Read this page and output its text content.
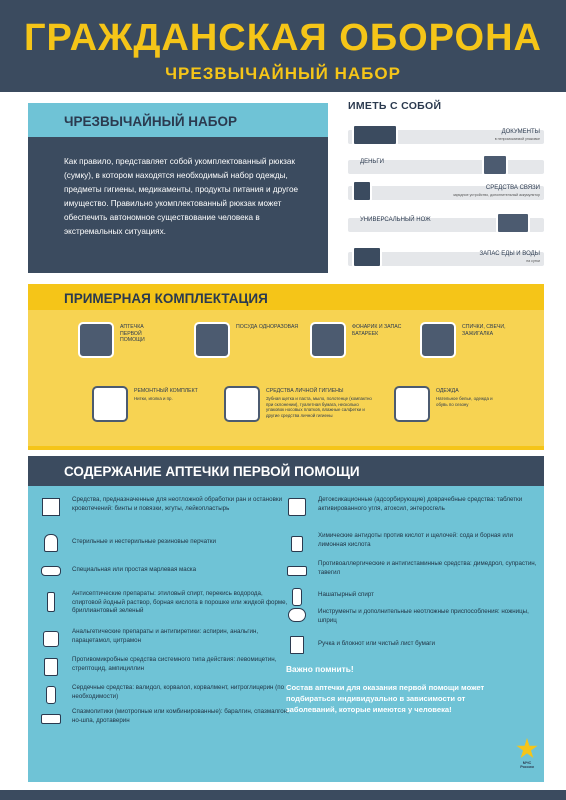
ГРАЖДАНСКАЯ ОБОРОНА
ЧРЕЗВЫЧАЙНЫЙ НАБОР
ЧРЕЗВЫЧАЙНЫЙ НАБОР

Как правило, представляет собой укомплектованный рюкзак (сумку), в котором находятся необходимый набор одежды, предметы гигиены, медикаменты, продукты питания и другое имущество. Правильно укомплектованный рюкзак может обеспечить автономное существование человека в экстремальных ситуациях.

ИМЕТЬ С СОБОЙ
ДОКУМЕНТЫ
в непромокаемой упаковке
ДЕНЬГИ
СРЕДСТВА СВЯЗИ
зарядное устройство, дополнительный аккумулятор
УНИВЕРСАЛЬНЫЙ НОЖ
ЗАПАС ЕДЫ И ВОДЫ
на сутки
ПРИМЕРНАЯ КОМПЛЕКТАЦИЯ
АПТЕЧКА ПЕРВОЙ ПОМОЩИ
ПОСУДА ОДНОРАЗОВАЯ	ФОНАРИК И ЗАПАС БАТАРЕЕК
СПИЧКИ, СВЕЧИ, ЗАЖИГАЛКА
РЕМОНТНЫЙ КОМПЛЕКТ
Нитки, иголка и пр.
СРЕДСТВА ЛИЧНОЙ ГИГИЕНЫ
Зубная щетка и паста, мыло, полотенце (компактно при склонении), туалетная бумага, несколько упаковок носовых платков, влажные салфетки и другие средства личной гигиены
ОДЕЖДА
Нательное белье, одежда и обувь по сезону
СОДЕРЖАНИЕ АПТЕЧКИ ПЕРВОЙ ПОМОЩИ
Средства, предназначенные для неотложной обработки ран и остановки кровотечений: бинты и повязки, жгуты, лейкопластырь
Стерильные и нестерильные резиновые перчатки
Специальная или простая марлевая маска
Антисептические препараты: этиловый спирт, перекись водорода, спиртовой йодный раствор, борная кислота в порошке или жидкой форме, бриллиантовый зеленый
Анальгетические препараты и антипиретики: аспирин, анальгин, парацетамол, цитрамон
Противомикробные средства системного типа действия: левомицетин, стрептоцид, ампициллин
Сердечные средства: валидол, корвалол, корвалмент, нитроглицерин (по необходимости)
Спазмолитики (миотропные или комбинированные): баралгин, спазмалгон, но-шпа, дротаверин
Детоксикационные (адсорбирующие) доврачебные средства: таблетки активированного угля, атоксил, энтеросгель
Химические антидоты против кислот и щелочей: сода и борная или лимонная кислота
Противоаллергические и антигистаминные средства: димедрол, супрастин, тавегил
Нашатырный спирт
Инструменты и дополнительные неотложные приспособления: ножницы, шприц
Ручка и блокнот или чистый лист бумаги
Важно помнить!
Состав аптечки для оказания первой помощи может подбираться индивидуально в зависимости от заболеваний, которые имеются у человека!
МЧС России
